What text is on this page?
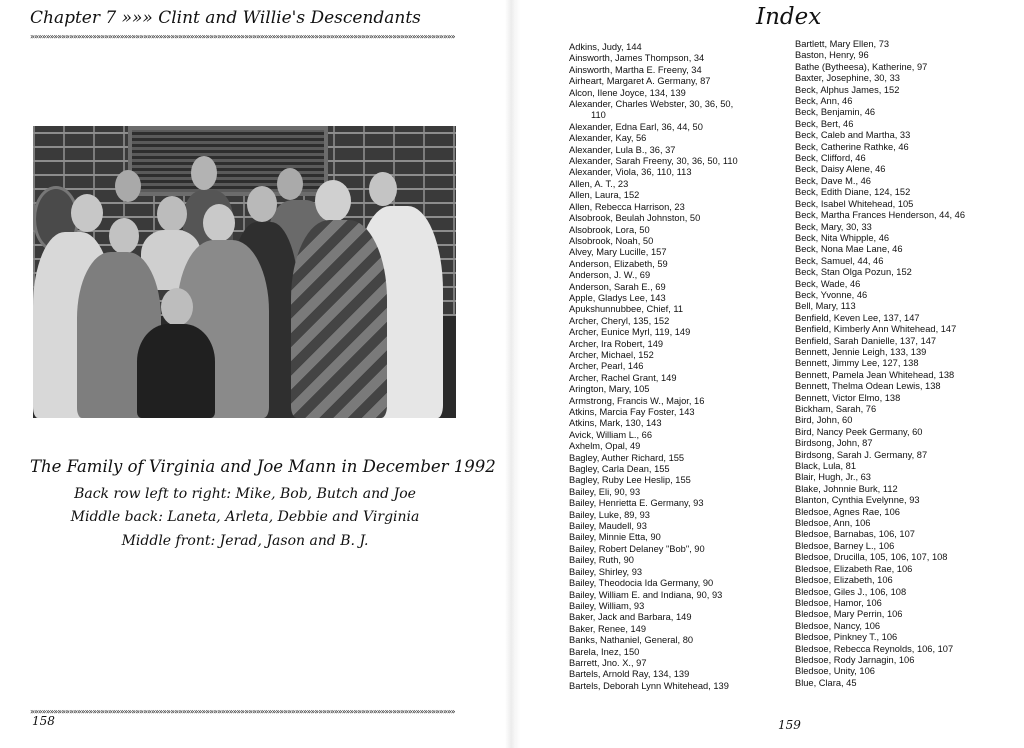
Chapter 7 »»» Clint and Willie's Descendants
»»»»»»»»»»»»»»»»»»»»»»»»»»»»»»»»»»»»»»»»»»»»»»»»»»»»»»»»»»»»»»»»»»»»»»»»»»»»»»»»»»»»»»»»»»»»»»»»»»»»»»»»»»»»»
The Family of Virginia and Joe Mann in December 1992
Back row left to right: Mike, Bob, Butch and Joe
Middle back: Laneta, Arleta, Debbie and Virginia
Middle front: Jerad, Jason and B. J.
»»»»»»»»»»»»»»»»»»»»»»»»»»»»»»»»»»»»»»»»»»»»»»»»»»»»»»»»»»»»»»»»»»»»»»»»»»»»»»»»»»»»»»»»»»»»»»»»»»»»»»»»»»»»»
158
Index
Adkins, Judy, 144
Ainsworth, James Thompson, 34
Ainsworth, Martha E. Freeny, 34
Airheart, Margaret A. Germany, 87
Alcon, Ilene Joyce, 134, 139
Alexander, Charles Webster, 30, 36, 50,
110
Alexander, Edna Earl, 36, 44, 50
Alexander, Kay, 56
Alexander, Lula B., 36, 37
Alexander, Sarah Freeny, 30, 36, 50, 110
Alexander, Viola, 36, 110, 113
Allen, A. T., 23
Allen, Laura, 152
Allen, Rebecca Harrison, 23
Alsobrook, Beulah Johnston, 50
Alsobrook, Lora, 50
Alsobrook, Noah, 50
Alvey, Mary Lucille, 157
Anderson, Elizabeth, 59
Anderson, J. W., 69
Anderson, Sarah E., 69
Apple, Gladys Lee, 143
Apukshunnubbee, Chief, 11
Archer, Cheryl, 135, 152
Archer, Eunice Myrl, 119, 149
Archer, Ira Robert, 149
Archer, Michael, 152
Archer, Pearl, 146
Archer, Rachel Grant, 149
Arington, Mary, 105
Armstrong, Francis W., Major, 16
Atkins, Marcia Fay Foster, 143
Atkins, Mark, 130, 143
Avick, William L., 66
Axhelm, Opal, 49
Bagley, Auther Richard, 155
Bagley, Carla Dean, 155
Bagley, Ruby Lee Heslip, 155
Bailey, Eli, 90, 93
Bailey, Henrietta E. Germany, 93
Bailey, Luke, 89, 93
Bailey, Maudell, 93
Bailey, Minnie Etta, 90
Bailey, Robert Delaney "Bob", 90
Bailey, Ruth, 90
Bailey, Shirley, 93
Bailey, Theodocia Ida Germany, 90
Bailey, William E. and Indiana, 90, 93
Bailey, William, 93
Baker, Jack and Barbara, 149
Baker, Renee, 149
Banks, Nathaniel, General, 80
Barela, Inez, 150
Barrett, Jno. X., 97
Bartels, Arnold Ray, 134, 139
Bartels, Deborah Lynn Whitehead, 139
Bartlett, Mary Ellen, 73
Baston, Henry, 96
Bathe (Bytheesa), Katherine, 97
Baxter, Josephine, 30, 33
Beck, Alphus James, 152
Beck, Ann, 46
Beck, Benjamin, 46
Beck, Bert, 46
Beck, Caleb and Martha, 33
Beck, Catherine Rathke, 46
Beck, Clifford, 46
Beck, Daisy Alene, 46
Beck, Dave M., 46
Beck, Edith Diane, 124, 152
Beck, Isabel Whitehead, 105
Beck, Martha Frances Henderson, 44, 46
Beck, Mary, 30, 33
Beck, Nita Whipple, 46
Beck, Nona Mae Lane, 46
Beck, Samuel, 44, 46
Beck, Stan Olga Pozun, 152
Beck, Wade, 46
Beck, Yvonne, 46
Bell, Mary, 113
Benfield, Keven Lee, 137, 147
Benfield, Kimberly Ann Whitehead, 147
Benfield, Sarah Danielle, 137, 147
Bennett, Jennie Leigh, 133, 139
Bennett, Jimmy Lee, 127, 138
Bennett, Pamela Jean Whitehead, 138
Bennett, Thelma Odean Lewis, 138
Bennett, Victor Elmo, 138
Bickham, Sarah, 76
Bird, John, 60
Bird, Nancy Peek Germany, 60
Birdsong, John, 87
Birdsong, Sarah J. Germany, 87
Black, Lula, 81
Blair, Hugh, Jr., 63
Blake, Johnnie Burk, 112
Blanton, Cynthia Evelynne, 93
Bledsoe, Agnes Rae, 106
Bledsoe, Ann, 106
Bledsoe, Barnabas, 106, 107
Bledsoe, Barney L., 106
Bledsoe, Drucilla, 105, 106, 107, 108
Bledsoe, Elizabeth Rae, 106
Bledsoe, Elizabeth, 106
Bledsoe, Giles J., 106, 108
Bledsoe, Hamor, 106
Bledsoe, Mary Perrin, 106
Bledsoe, Nancy, 106
Bledsoe, Pinkney T., 106
Bledsoe, Rebecca Reynolds, 106, 107
Bledsoe, Rody Jarnagin, 106
Bledsoe, Unity, 106
Blue, Clara, 45
159
